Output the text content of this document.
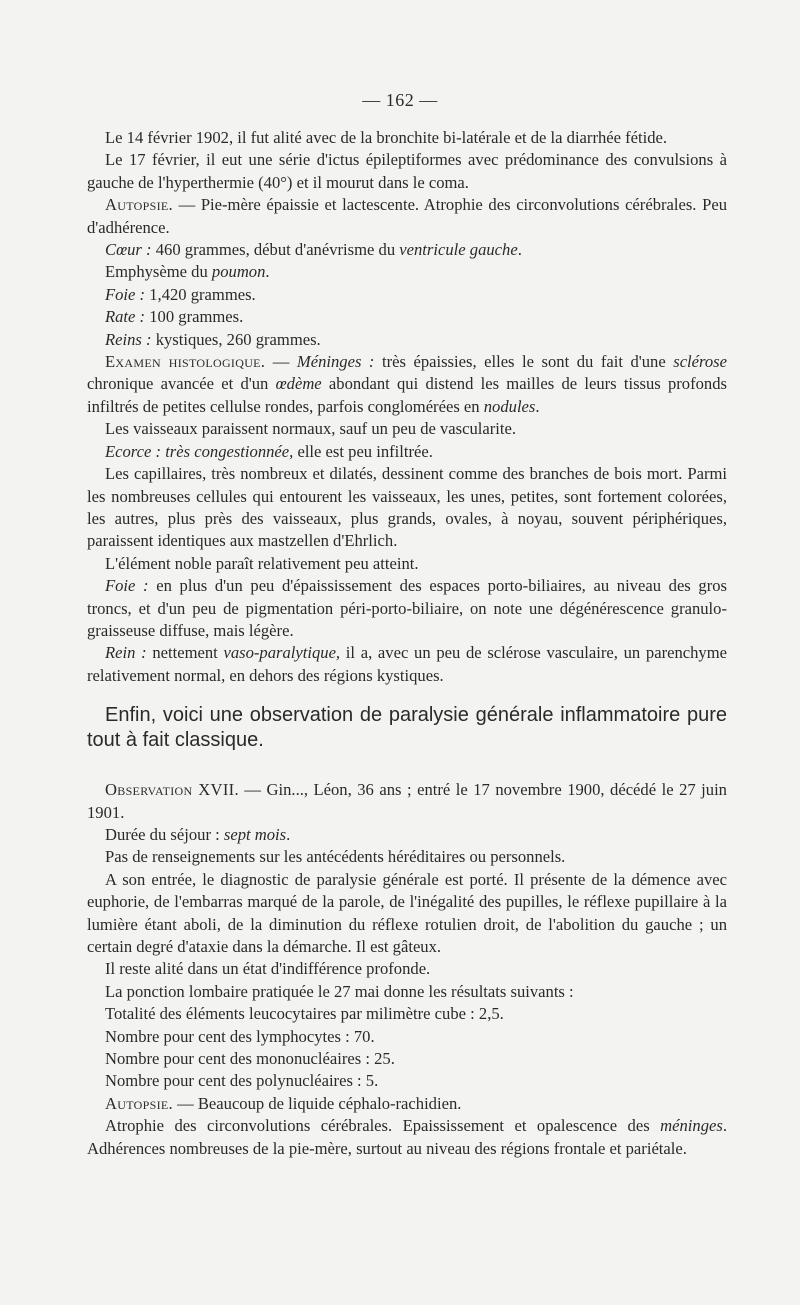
— 162 —

Le 14 février 1902, il fut alité avec de la bronchite bi-latérale et de la diarrhée fétide.

Le 17 février, il eut une série d'ictus épileptiformes avec prédominance des convulsions à gauche de l'hyperthermie (40°) et il mourut dans le coma.

Autopsie. — Pie-mère épaissie et lactescente. Atrophie des circonvolutions cérébrales. Peu d'adhérence.

Cœur : 460 grammes, début d'anévrisme du ventricule gauche.

Emphysème du poumon.

Foie : 1,420 grammes.

Rate : 100 grammes.

Reins : kystiques, 260 grammes.

Examen histologique. — Méninges : très épaissies, elles le sont du fait d'une sclérose chronique avancée et d'un œdème abondant qui distend les mailles de leurs tissus profonds infiltrés de petites cellulse rondes, parfois conglomérées en nodules.

Les vaisseaux paraissent normaux, sauf un peu de vascularite.

Ecorce : très congestionnée, elle est peu infiltrée.

Les capillaires, très nombreux et dilatés, dessinent comme des branches de bois mort. Parmi les nombreuses cellules qui entourent les vaisseaux, les unes, petites, sont fortement colorées, les autres, plus près des vaisseaux, plus grands, ovales, à noyau, souvent périphériques, paraissent identiques aux mastzellen d'Ehrlich.

L'élément noble paraît relativement peu atteint.

Foie : en plus d'un peu d'épaississement des espaces porto-biliaires, au niveau des gros troncs, et d'un peu de pigmentation péri-porto-biliaire, on note une dégénérescence granulo-graisseuse diffuse, mais légère.

Rein : nettement vaso-paralytique, il a, avec un peu de sclérose vasculaire, un parenchyme relativement normal, en dehors des régions kystiques.

Enfin, voici une observation de paralysie générale inflammatoire pure tout à fait classique.

Observation XVII. — Gin..., Léon, 36 ans ; entré le 17 novembre 1900, décédé le 27 juin 1901.

Durée du séjour : sept mois.

Pas de renseignements sur les antécédents héréditaires ou personnels.

A son entrée, le diagnostic de paralysie générale est porté. Il présente de la démence avec euphorie, de l'embarras marqué de la parole, de l'inégalité des pupilles, le réflexe pupillaire à la lumière étant aboli, de la diminution du réflexe rotulien droit, de l'abolition du gauche ; un certain degré d'ataxie dans la démarche. Il est gâteux.

Il reste alité dans un état d'indifférence profonde.

La ponction lombaire pratiquée le 27 mai donne les résultats suivants :

Totalité des éléments leucocytaires par milimètre cube : 2,5.

Nombre pour cent des lymphocytes : 70.

Nombre pour cent des mononucléaires : 25.

Nombre pour cent des polynucléaires : 5.

Autopsie. — Beaucoup de liquide céphalo-rachidien.

Atrophie des circonvolutions cérébrales. Epaississement et opalescence des méninges. Adhérences nombreuses de la pie-mère, surtout au niveau des régions frontale et pariétale.
